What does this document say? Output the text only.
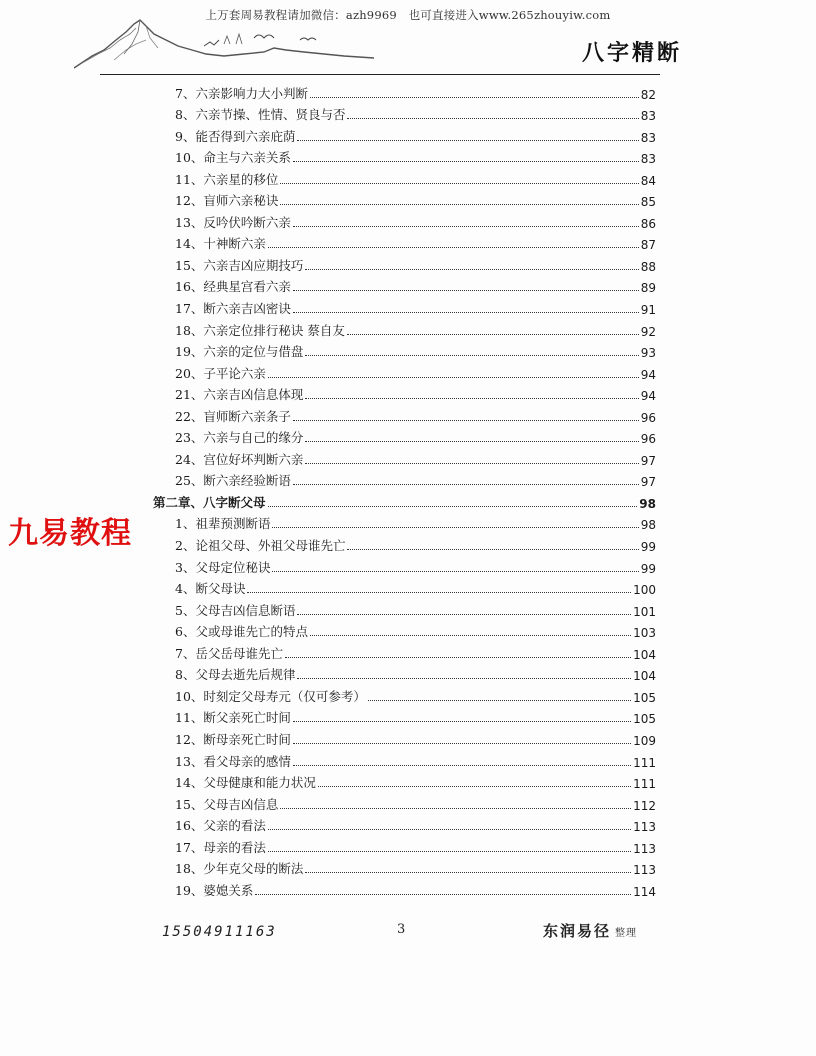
上万套周易教程请加微信：azh9969　也可直接进入www.265zhouyiw.com
八字精断
7、六亲影响力大小判断	82
8、六亲节操、性情、贤良与否	83
9、能否得到六亲庇荫	83
10、命主与六亲关系	83
11、六亲星的移位	84
12、盲师六亲秘诀	85
13、反吟伏吟断六亲	86
14、十神断六亲	87
15、六亲吉凶应期技巧	88
16、经典星宫看六亲	89
17、断六亲吉凶密诀	91
18、六亲定位排行秘诀 蔡自友	92
19、六亲的定位与借盘	93
20、子平论六亲	94
21、六亲吉凶信息体现	94
22、盲师断六亲条子	96
23、六亲与自己的缘分	96
24、宫位好坏判断六亲	97
25、断六亲经验断语	97
第二章、八字断父母	98
1、祖辈预测断语	98
2、论祖父母、外祖父母谁先亡	99
3、父母定位秘诀	99
4、断父母诀	100
5、父母吉凶信息断语	101
6、父或母谁先亡的特点	103
7、岳父岳母谁先亡	104
8、父母去逝先后规律	104
10、时刻定父母寿元（仅可参考）	105
11、断父亲死亡时间	105
12、断母亲死亡时间	109
13、看父母亲的感情	111
14、父母健康和能力状况	111
15、父母吉凶信息	112
16、父亲的看法	113
17、母亲的看法	113
18、少年克父母的断法	113
19、婆媳关系	114
九易教程
15504911163	3	东润易径 整理
